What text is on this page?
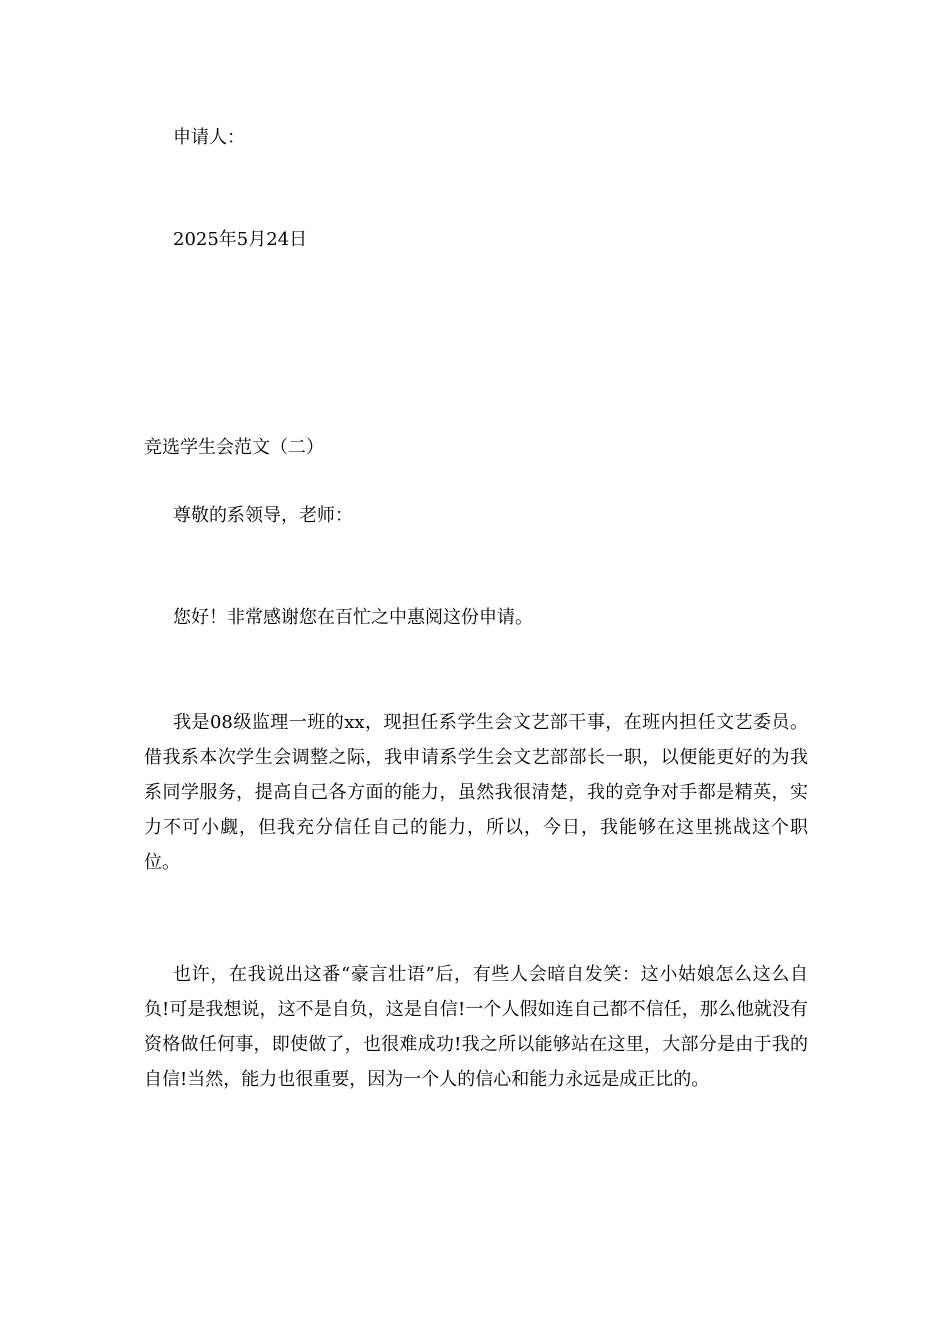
申请人：
2025年5月24日
竞选学生会范文（二）
尊敬的系领导，老师：
您好！非常感谢您在百忙之中惠阅这份申请。
我是08级监理一班的xx，现担任系学生会文艺部干事，在班内担任文艺委员。借我系本次学生会调整之际，我申请系学生会文艺部部长一职，以便能更好的为我系同学服务，提高自己各方面的能力，虽然我很清楚，我的竞争对手都是精英，实力不可小觑，但我充分信任自己的能力，所以，今日，我能够在这里挑战这个职位。
也许，在我说出这番“豪言壮语”后，有些人会暗自发笑：这小姑娘怎么这么自负!可是我想说，这不是自负，这是自信!一个人假如连自己都不信任，那么他就没有资格做任何事，即使做了，也很难成功!我之所以能够站在这里，大部分是由于我的自信!当然，能力也很重要，因为一个人的信心和能力永远是成正比的。
